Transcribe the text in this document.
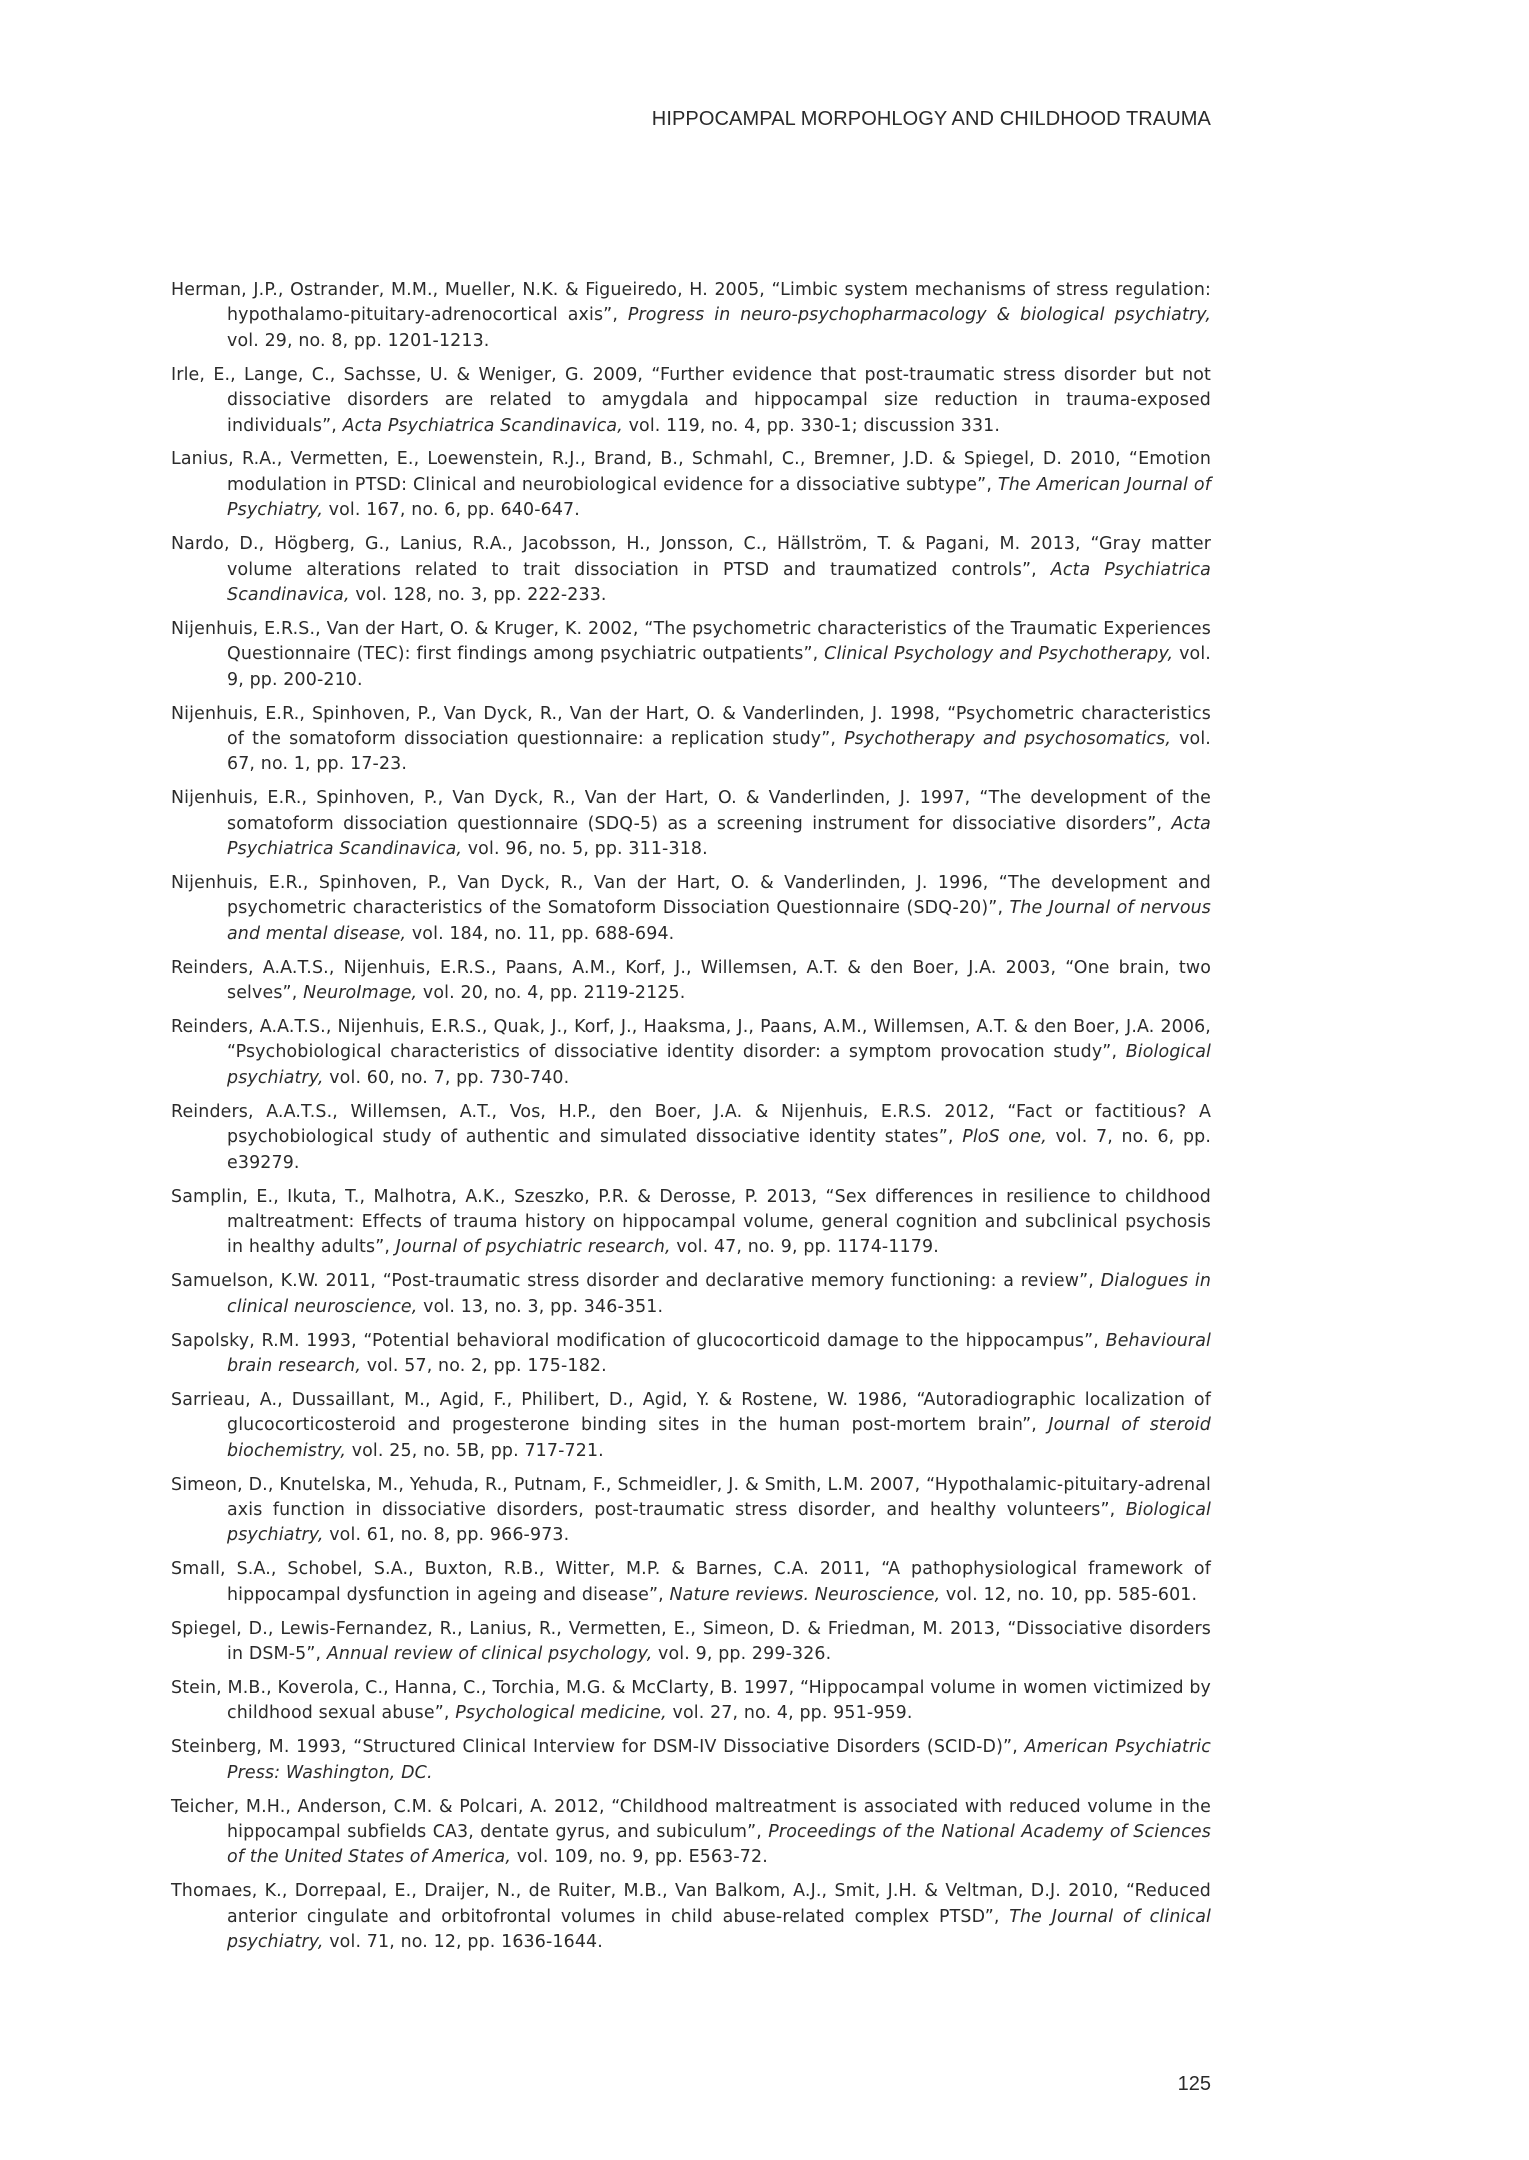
HIPPOCAMPAL MORPOHLOGY AND CHILDHOOD TRAUMA

Herman, J.P., Ostrander, M.M., Mueller, N.K. & Figueiredo, H. 2005, “Limbic system mechanisms of stress regulation: hypothalamo-pituitary-adrenocortical axis”, Progress in neuro-psychopharmacology & biological psychiatry, vol. 29, no. 8, pp. 1201-1213.

Irle, E., Lange, C., Sachsse, U. & Weniger, G. 2009, “Further evidence that post-traumatic stress disorder but not dissociative disorders are related to amygdala and hippocampal size reduction in trauma-exposed individuals”, Acta Psychiatrica Scandinavica, vol. 119, no. 4, pp. 330-1; discussion 331.

Lanius, R.A., Vermetten, E., Loewenstein, R.J., Brand, B., Schmahl, C., Bremner, J.D. & Spiegel, D. 2010, “Emotion modulation in PTSD: Clinical and neurobiological evidence for a dissociative subtype”, The American Journal of Psychiatry, vol. 167, no. 6, pp. 640-647.

Nardo, D., Högberg, G., Lanius, R.A., Jacobsson, H., Jonsson, C., Hällström, T. & Pagani, M. 2013, “Gray matter volume alterations related to trait dissociation in PTSD and traumatized controls”, Acta Psychiatrica Scandinavica, vol. 128, no. 3, pp. 222-233.

Nijenhuis, E.R.S., Van der Hart, O. & Kruger, K. 2002, “The psychometric characteristics of the Traumatic Experiences Questionnaire (TEC): first findings among psychiatric outpatients”, Clinical Psychology and Psychotherapy, vol. 9, pp. 200-210.

Nijenhuis, E.R., Spinhoven, P., Van Dyck, R., Van der Hart, O. & Vanderlinden, J. 1998, “Psychometric characteristics of the somatoform dissociation questionnaire: a replication study”, Psychotherapy and psychosomatics, vol. 67, no. 1, pp. 17-23.

Nijenhuis, E.R., Spinhoven, P., Van Dyck, R., Van der Hart, O. & Vanderlinden, J. 1997, “The development of the somatoform dissociation questionnaire (SDQ-5) as a screening instrument for dissociative disorders”, Acta Psychiatrica Scandinavica, vol. 96, no. 5, pp. 311-318.

Nijenhuis, E.R., Spinhoven, P., Van Dyck, R., Van der Hart, O. & Vanderlinden, J. 1996, “The development and psychometric characteristics of the Somatoform Dissociation Questionnaire (SDQ-20)”, The Journal of nervous and mental disease, vol. 184, no. 11, pp. 688-694.

Reinders, A.A.T.S., Nijenhuis, E.R.S., Paans, A.M., Korf, J., Willemsen, A.T. & den Boer, J.A. 2003, “One brain, two selves”, NeuroImage, vol. 20, no. 4, pp. 2119-2125.

Reinders, A.A.T.S., Nijenhuis, E.R.S., Quak, J., Korf, J., Haaksma, J., Paans, A.M., Willemsen, A.T. & den Boer, J.A. 2006, “Psychobiological characteristics of dissociative identity disorder: a symptom provocation study”, Biological psychiatry, vol. 60, no. 7, pp. 730-740.

Reinders, A.A.T.S., Willemsen, A.T., Vos, H.P., den Boer, J.A. & Nijenhuis, E.R.S. 2012, “Fact or factitious? A psychobiological study of authentic and simulated dissociative identity states”, PloS one, vol. 7, no. 6, pp. e39279.

Samplin, E., Ikuta, T., Malhotra, A.K., Szeszko, P.R. & Derosse, P. 2013, “Sex differences in resilience to childhood maltreatment: Effects of trauma history on hippocampal volume, general cognition and subclinical psychosis in healthy adults”, Journal of psychiatric research, vol. 47, no. 9, pp. 1174-1179.

Samuelson, K.W. 2011, “Post-traumatic stress disorder and declarative memory functioning: a review”, Dialogues in clinical neuroscience, vol. 13, no. 3, pp. 346-351.

Sapolsky, R.M. 1993, “Potential behavioral modification of glucocorticoid damage to the hippocampus”, Behavioural brain research, vol. 57, no. 2, pp. 175-182.

Sarrieau, A., Dussaillant, M., Agid, F., Philibert, D., Agid, Y. & Rostene, W. 1986, “Autoradiographic localization of glucocorticosteroid and progesterone binding sites in the human post-mortem brain”, Journal of steroid biochemistry, vol. 25, no. 5B, pp. 717-721.

Simeon, D., Knutelska, M., Yehuda, R., Putnam, F., Schmeidler, J. & Smith, L.M. 2007, “Hypothalamic-pituitary-adrenal axis function in dissociative disorders, post-traumatic stress disorder, and healthy volunteers”, Biological psychiatry, vol. 61, no. 8, pp. 966-973.

Small, S.A., Schobel, S.A., Buxton, R.B., Witter, M.P. & Barnes, C.A. 2011, “A pathophysiological framework of hippocampal dysfunction in ageing and disease”, Nature reviews. Neuroscience, vol. 12, no. 10, pp. 585-601.

Spiegel, D., Lewis-Fernandez, R., Lanius, R., Vermetten, E., Simeon, D. & Friedman, M. 2013, “Dissociative disorders in DSM-5”, Annual review of clinical psychology, vol. 9, pp. 299-326.

Stein, M.B., Koverola, C., Hanna, C., Torchia, M.G. & McClarty, B. 1997, “Hippocampal volume in women victimized by childhood sexual abuse”, Psychological medicine, vol. 27, no. 4, pp. 951-959.

Steinberg, M. 1993, “Structured Clinical Interview for DSM-IV Dissociative Disorders (SCID-D)”, American Psychiatric Press: Washington, DC.

Teicher, M.H., Anderson, C.M. & Polcari, A. 2012, “Childhood maltreatment is associated with reduced volume in the hippocampal subfields CA3, dentate gyrus, and subiculum”, Proceedings of the National Academy of Sciences of the United States of America, vol. 109, no. 9, pp. E563-72.

Thomaes, K., Dorrepaal, E., Draijer, N., de Ruiter, M.B., Van Balkom, A.J., Smit, J.H. & Veltman, D.J. 2010, “Reduced anterior cingulate and orbitofrontal volumes in child abuse-related complex PTSD”, The Journal of clinical psychiatry, vol. 71, no. 12, pp. 1636-1644.

125
